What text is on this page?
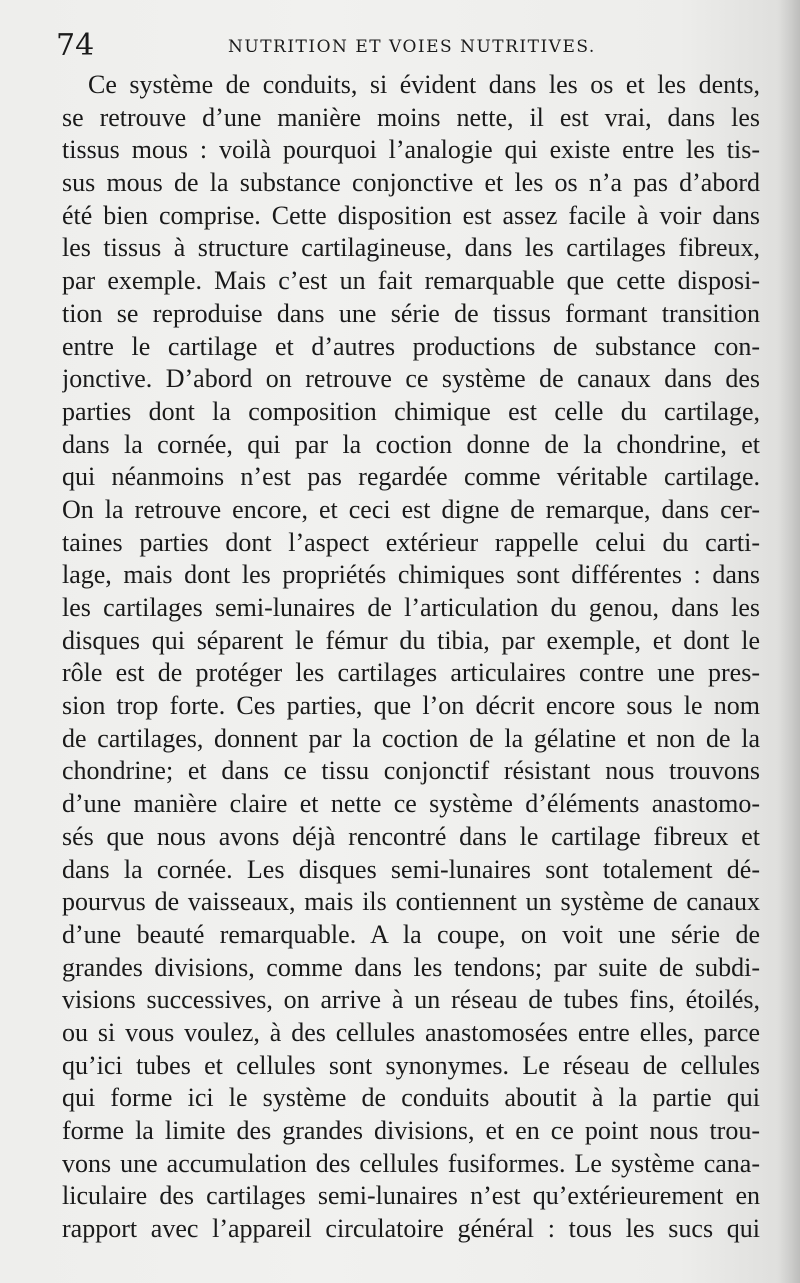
74	NUTRITION ET VOIES NUTRITIVES.
Ce système de conduits, si évident dans les os et les dents,
se retrouve d’une manière moins nette, il est vrai, dans les
tissus mous : voilà pourquoi l’analogie qui existe entre les tis-
sus mous de la substance conjonctive et les os n’a pas d’abord
été bien comprise. Cette disposition est assez facile à voir dans
les tissus à structure cartilagineuse, dans les cartilages fibreux,
par exemple. Mais c’est un fait remarquable que cette disposi-
tion se reproduise dans une série de tissus formant transition
entre le cartilage et d’autres productions de substance con-
jonctive. D’abord on retrouve ce système de canaux dans des
parties dont la composition chimique est celle du cartilage,
dans la cornée, qui par la coction donne de la chondrine, et
qui néanmoins n’est pas regardée comme véritable cartilage.
On la retrouve encore, et ceci est digne de remarque, dans cer-
taines parties dont l’aspect extérieur rappelle celui du carti-
lage, mais dont les propriétés chimiques sont différentes : dans
les cartilages semi-lunaires de l’articulation du genou, dans les
disques qui séparent le fémur du tibia, par exemple, et dont le
rôle est de protéger les cartilages articulaires contre une pres-
sion trop forte. Ces parties, que l’on décrit encore sous le nom
de cartilages, donnent par la coction de la gélatine et non de la
chondrine; et dans ce tissu conjonctif résistant nous trouvons
d’une manière claire et nette ce système d’éléments anastomo-
sés que nous avons déjà rencontré dans le cartilage fibreux et
dans la cornée. Les disques semi-lunaires sont totalement dé-
pourvus de vaisseaux, mais ils contiennent un système de canaux
d’une beauté remarquable. A la coupe, on voit une série de
grandes divisions, comme dans les tendons; par suite de subdi-
visions successives, on arrive à un réseau de tubes fins, étoilés,
ou si vous voulez, à des cellules anastomosées entre elles, parce
qu’ici tubes et cellules sont synonymes. Le réseau de cellules
qui forme ici le système de conduits aboutit à la partie qui
forme la limite des grandes divisions, et en ce point nous trou-
vons une accumulation des cellules fusiformes. Le système cana-
liculaire des cartilages semi-lunaires n’est qu’extérieurement en
rapport avec l’appareil circulatoire général : tous les sucs qui
